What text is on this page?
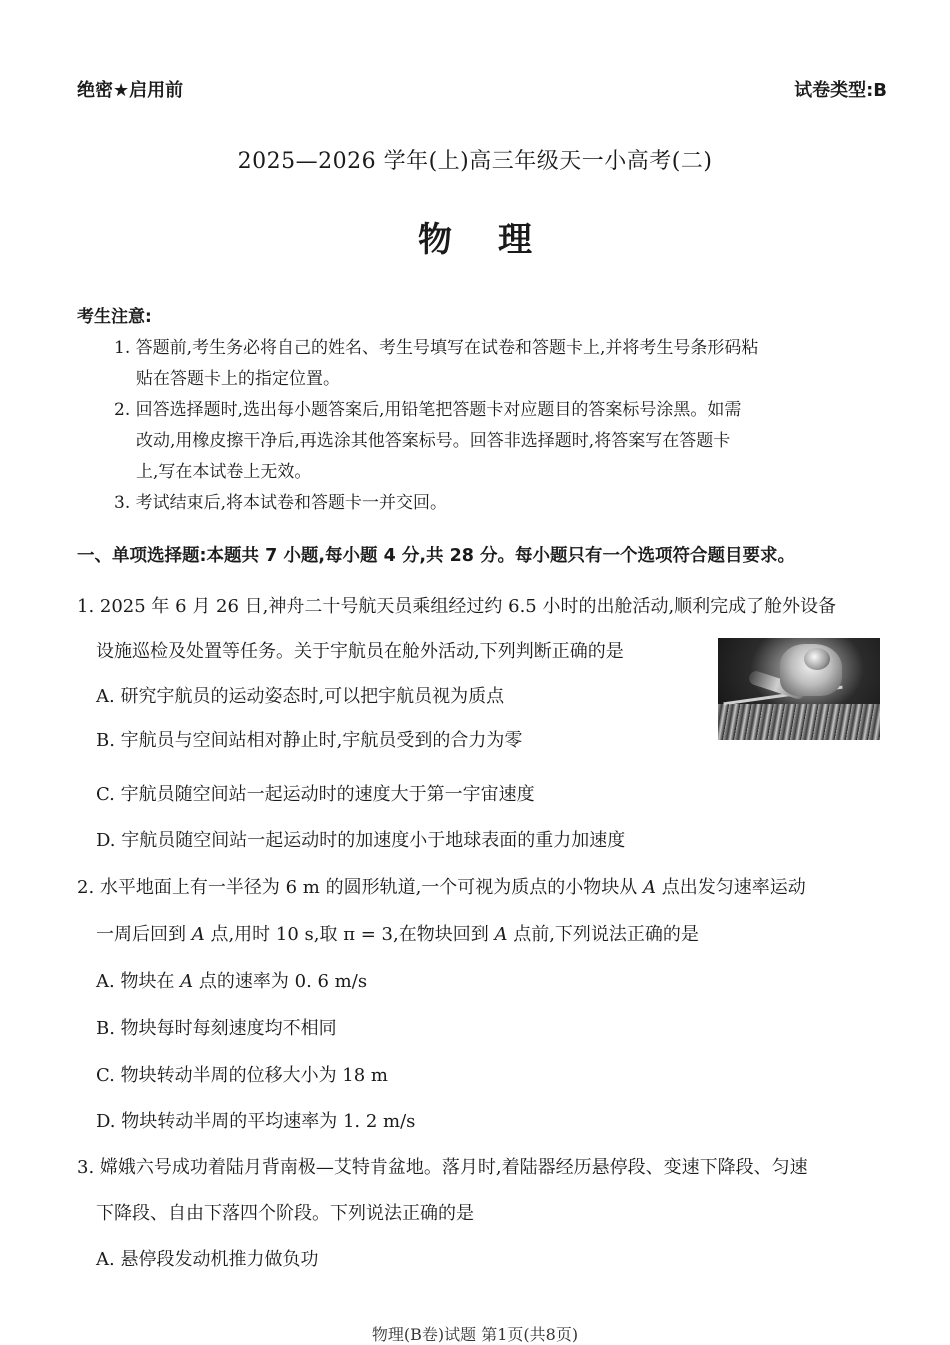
绝密★启用前	试卷类型:B
2025—2026 学年(上)高三年级天一小高考(二)
物理
考生注意:
1. 答题前,考生务必将自己的姓名、考生号填写在试卷和答题卡上,并将考生号条形码粘
贴在答题卡上的指定位置。
2. 回答选择题时,选出每小题答案后,用铅笔把答题卡对应题目的答案标号涂黑。如需
改动,用橡皮擦干净后,再选涂其他答案标号。回答非选择题时,将答案写在答题卡
上,写在本试卷上无效。
3. 考试结束后,将本试卷和答题卡一并交回。
一、单项选择题:本题共 7 小题,每小题 4 分,共 28 分。每小题只有一个选项符合题目要求。
1. 2025 年 6 月 26 日,神舟二十号航天员乘组经过约 6.5 小时的出舱活动,顺利完成了舱外设备
设施巡检及处置等任务。关于宇航员在舱外活动,下列判断正确的是
A. 研究宇航员的运动姿态时,可以把宇航员视为质点
B. 宇航员与空间站相对静止时,宇航员受到的合力为零
C. 宇航员随空间站一起运动时的速度大于第一宇宙速度
D. 宇航员随空间站一起运动时的加速度小于地球表面的重力加速度
2. 水平地面上有一半径为 6 m 的圆形轨道,一个可视为质点的小物块从 A 点出发匀速率运动
一周后回到 A 点,用时 10 s,取 π = 3,在物块回到 A 点前,下列说法正确的是
A. 物块在 A 点的速率为 0. 6 m/s
B. 物块每时每刻速度均不相同
C. 物块转动半周的位移大小为 18 m
D. 物块转动半周的平均速率为 1. 2 m/s
3. 嫦娥六号成功着陆月背南极—艾特肯盆地。落月时,着陆器经历悬停段、变速下降段、匀速
下降段、自由下落四个阶段。下列说法正确的是
A. 悬停段发动机推力做负功
物理(B卷)试题 第1页(共8页)
